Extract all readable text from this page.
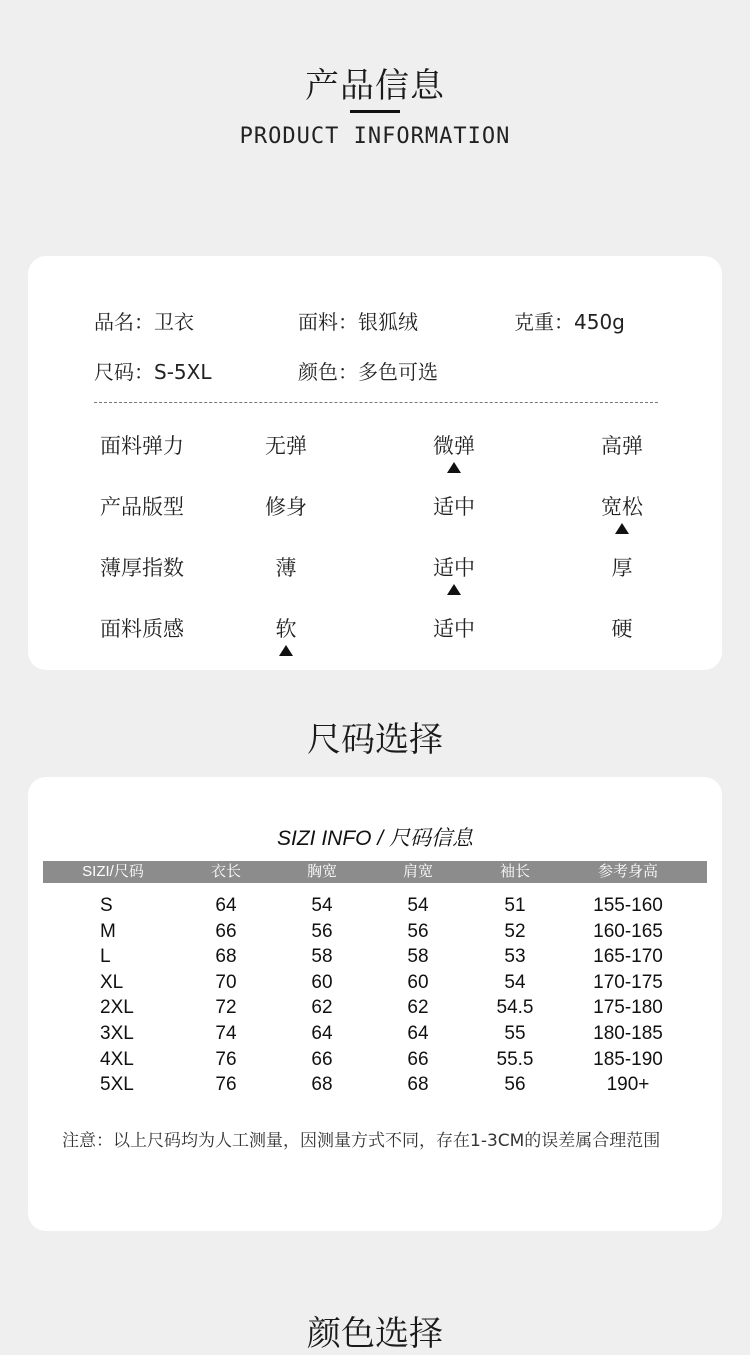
产品信息
PRODUCT INFORMATION
品名：卫衣	面料：银狐绒	克重：450g
尺码：S-5XL	颜色：多色可选
面料弹力	无弹	微弹	高弹
产品版型	修身	适中	宽松
薄厚指数	薄	适中	厚
面料质感	软	适中	硬
尺码选择
SIZI INFO / 尺码信息
SIZI/尺码	衣长	胸宽	肩宽	袖长	参考身高
S	64	54	54	51	155-160
M	66	56	56	52	160-165
L	68	58	58	53	165-170
XL	70	60	60	54	170-175
2XL	72	62	62	54.5	175-180
3XL	74	64	64	55	180-185
4XL	76	66	66	55.5	185-190
5XL	76	68	68	56	190+
注意：以上尺码均为人工测量，因测量方式不同，存在1-3CM的误差属合理范围
颜色选择
